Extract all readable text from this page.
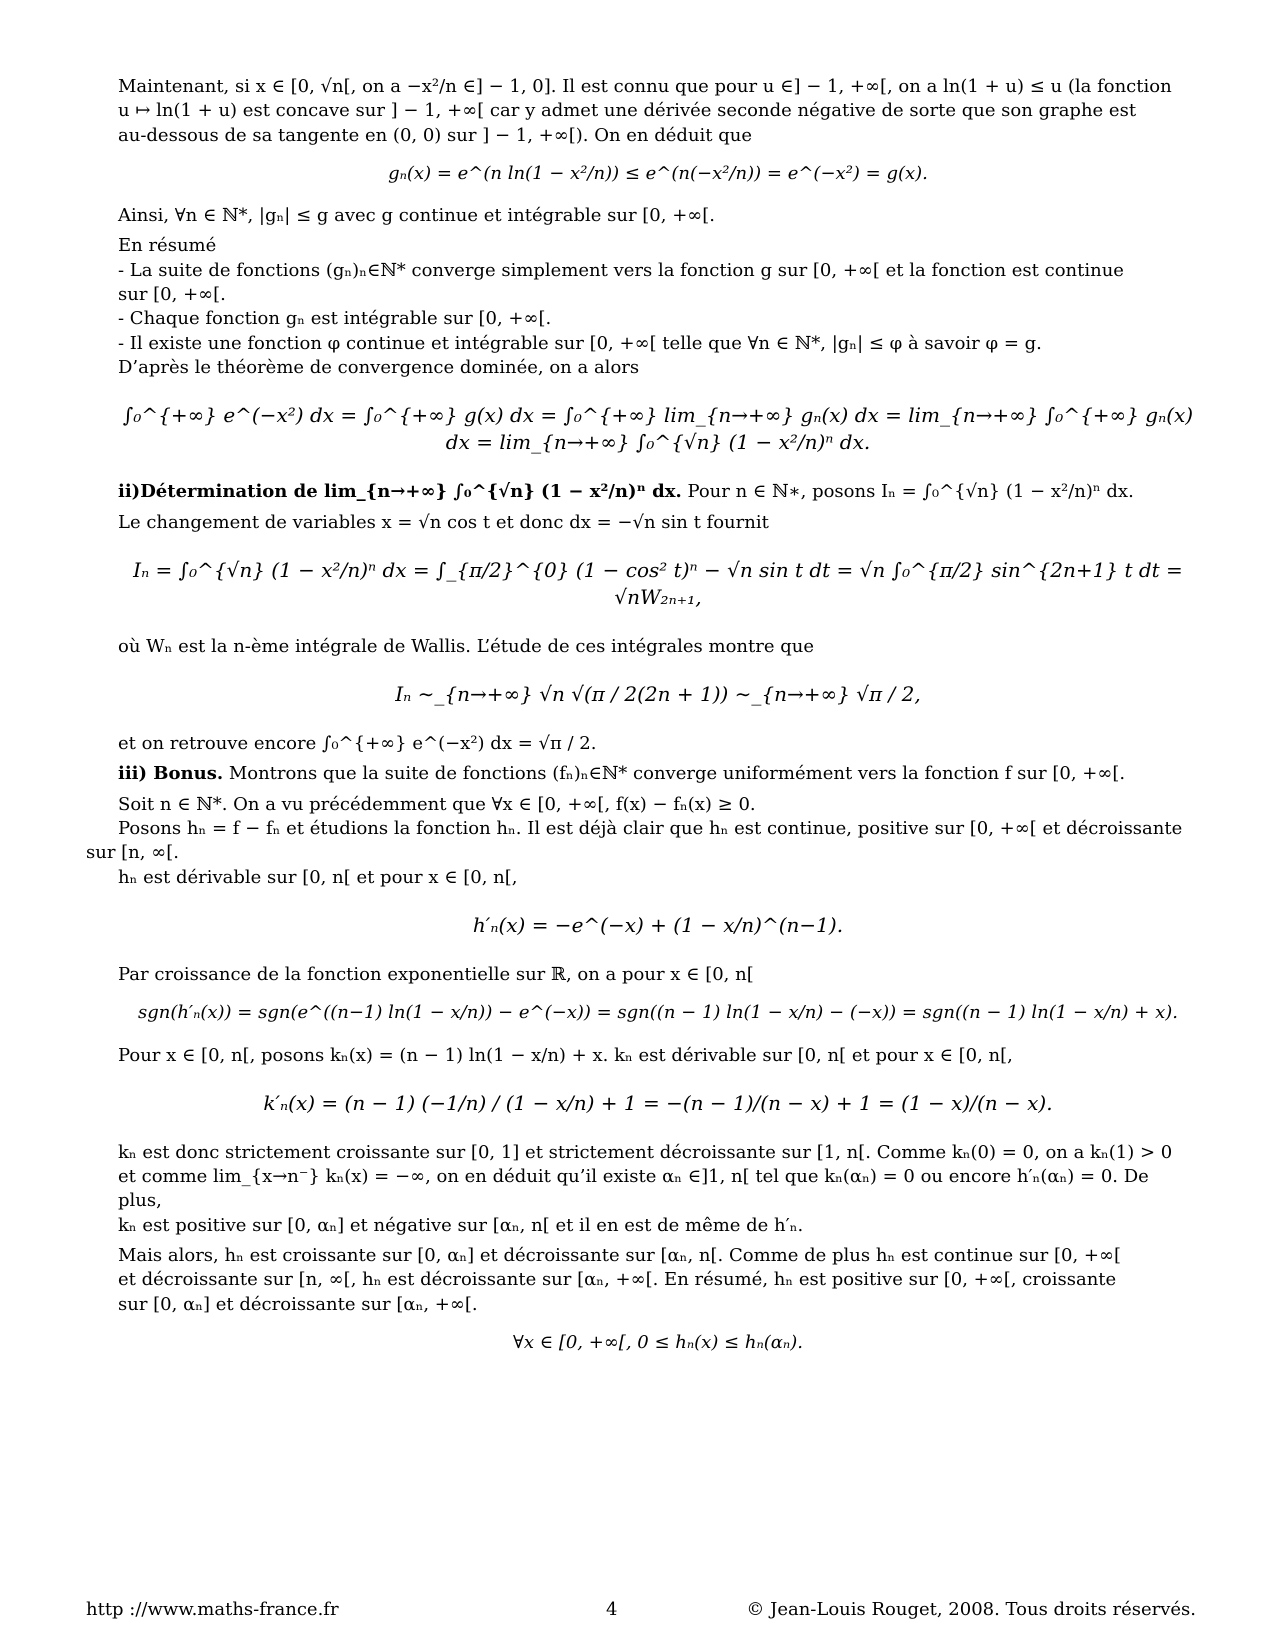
Maintenant, si x ∈ [0, √n[, on a −x²/n ∈] − 1, 0]. Il est connu que pour u ∈] − 1, +∞[, on a ln(1 + u) ≤ u (la fonction

u ↦ ln(1 + u) est concave sur ] − 1, +∞[ car y admet une dérivée seconde négative de sorte que son graphe est

au-dessous de sa tangente en (0, 0) sur ] − 1, +∞[). On en déduit que

gₙ(x) = e^(n ln(1 − x²/n)) ≤ e^(n(−x²/n)) = e^(−x²) = g(x).

Ainsi, ∀n ∈ ℕ*, |gₙ| ≤ g avec g continue et intégrable sur [0, +∞[.

En résumé

- La suite de fonctions (gₙ)ₙ∈ℕ* converge simplement vers la fonction g sur [0, +∞[ et la fonction est continue

sur [0, +∞[.

- Chaque fonction gₙ est intégrable sur [0, +∞[.

- Il existe une fonction φ continue et intégrable sur [0, +∞[ telle que ∀n ∈ ℕ*, |gₙ| ≤ φ à savoir φ = g.

D’après le théorème de convergence dominée, on a alors

∫₀^{+∞} e^(−x²) dx = ∫₀^{+∞} g(x) dx = ∫₀^{+∞} lim_{n→+∞} gₙ(x) dx = lim_{n→+∞} ∫₀^{+∞} gₙ(x) dx = lim_{n→+∞} ∫₀^{√n} (1 − x²/n)ⁿ dx.

ii)Détermination de lim_{n→+∞} ∫₀^{√n} (1 − x²/n)ⁿ dx. Pour n ∈ ℕ∗, posons Iₙ = ∫₀^{√n} (1 − x²/n)ⁿ dx.

Le changement de variables x = √n cos t et donc dx = −√n sin t fournit

Iₙ = ∫₀^{√n} (1 − x²/n)ⁿ dx = ∫_{π/2}^{0} (1 − cos² t)ⁿ − √n sin t dt = √n ∫₀^{π/2} sin^{2n+1} t dt = √nW₂ₙ₊₁,

où Wₙ est la n-ème intégrale de Wallis. L’étude de ces intégrales montre que

Iₙ ∼_{n→+∞} √n √(π / 2(2n + 1)) ∼_{n→+∞} √π / 2,

et on retrouve encore ∫₀^{+∞} e^(−x²) dx = √π / 2.

iii) Bonus. Montrons que la suite de fonctions (fₙ)ₙ∈ℕ* converge uniformément vers la fonction f sur [0, +∞[.

Soit n ∈ ℕ*. On a vu précédemment que ∀x ∈ [0, +∞[, f(x) − fₙ(x) ≥ 0.

Posons hₙ = f − fₙ et étudions la fonction hₙ. Il est déjà clair que hₙ est continue, positive sur [0, +∞[ et décroissante

sur [n, ∞[.

hₙ est dérivable sur [0, n[ et pour x ∈ [0, n[,

h′ₙ(x) = −e^(−x) + (1 − x/n)^(n−1).

Par croissance de la fonction exponentielle sur ℝ, on a pour x ∈ [0, n[

sgn(h′ₙ(x)) = sgn(e^((n−1) ln(1 − x/n)) − e^(−x)) = sgn((n − 1) ln(1 − x/n) − (−x)) = sgn((n − 1) ln(1 − x/n) + x).

Pour x ∈ [0, n[, posons kₙ(x) = (n − 1) ln(1 − x/n) + x. kₙ est dérivable sur [0, n[ et pour x ∈ [0, n[,

k′ₙ(x) = (n − 1) (−1/n) / (1 − x/n) + 1 = −(n − 1)/(n − x) + 1 = (1 − x)/(n − x).

kₙ est donc strictement croissante sur [0, 1] et strictement décroissante sur [1, n[. Comme kₙ(0) = 0, on a kₙ(1) > 0

et comme lim_{x→n⁻} kₙ(x) = −∞, on en déduit qu’il existe αₙ ∈]1, n[ tel que kₙ(αₙ) = 0 ou encore h′ₙ(αₙ) = 0. De plus,

kₙ est positive sur [0, αₙ] et négative sur [αₙ, n[ et il en est de même de h′ₙ.

Mais alors, hₙ est croissante sur [0, αₙ] et décroissante sur [αₙ, n[. Comme de plus hₙ est continue sur [0, +∞[

et décroissante sur [n, ∞[, hₙ est décroissante sur [αₙ, +∞[. En résumé, hₙ est positive sur [0, +∞[, croissante

sur [0, αₙ] et décroissante sur [αₙ, +∞[.

∀x ∈ [0, +∞[, 0 ≤ hₙ(x) ≤ hₙ(αₙ).
http ://www.maths-france.fr	4	© Jean-Louis Rouget, 2008. Tous droits réservés.
